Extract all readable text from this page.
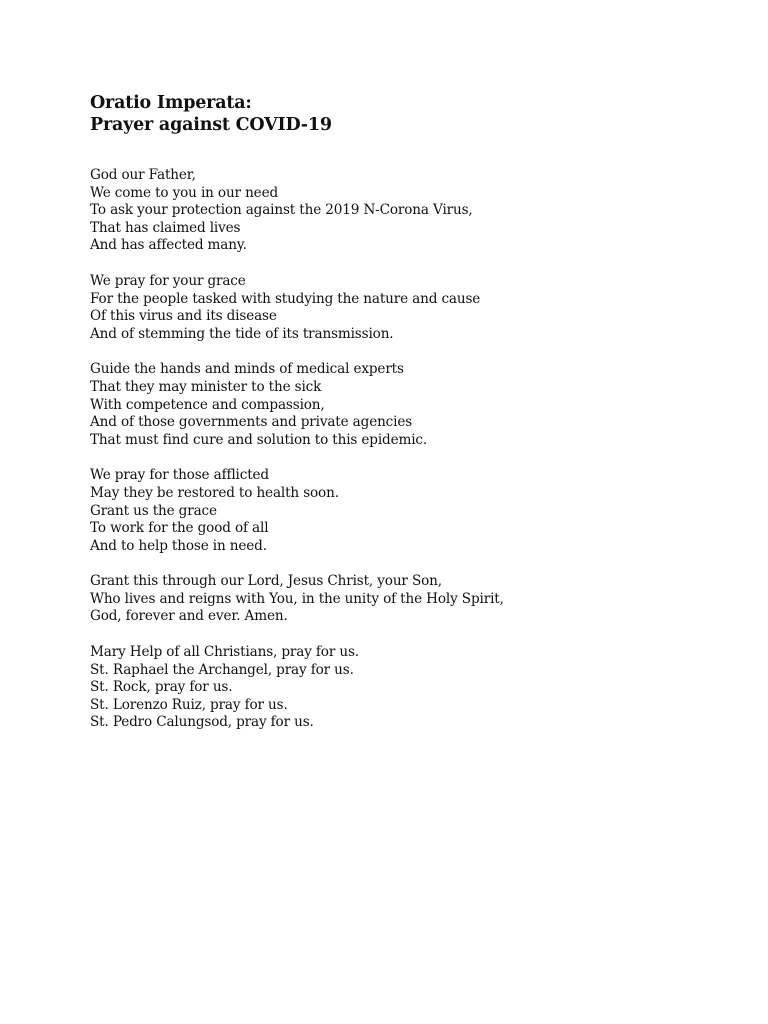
Oratio Imperata:
Prayer against COVID-19
God our Father,
We come to you in our need
To ask your protection against the 2019 N-Corona Virus,
That has claimed lives
And has affected many.
We pray for your grace
For the people tasked with studying the nature and cause
Of this virus and its disease
And of stemming the tide of its transmission.
Guide the hands and minds of medical experts
That they may minister to the sick
With competence and compassion,
And of those governments and private agencies
That must find cure and solution to this epidemic.
We pray for those afflicted
May they be restored to health soon.
Grant us the grace
To work for the good of all
And to help those in need.
Grant this through our Lord, Jesus Christ, your Son,
Who lives and reigns with You, in the unity of the Holy Spirit,
God, forever and ever. Amen.
Mary Help of all Christians, pray for us.
St. Raphael the Archangel, pray for us.
St. Rock, pray for us.
St. Lorenzo Ruiz, pray for us.
St. Pedro Calungsod, pray for us.
